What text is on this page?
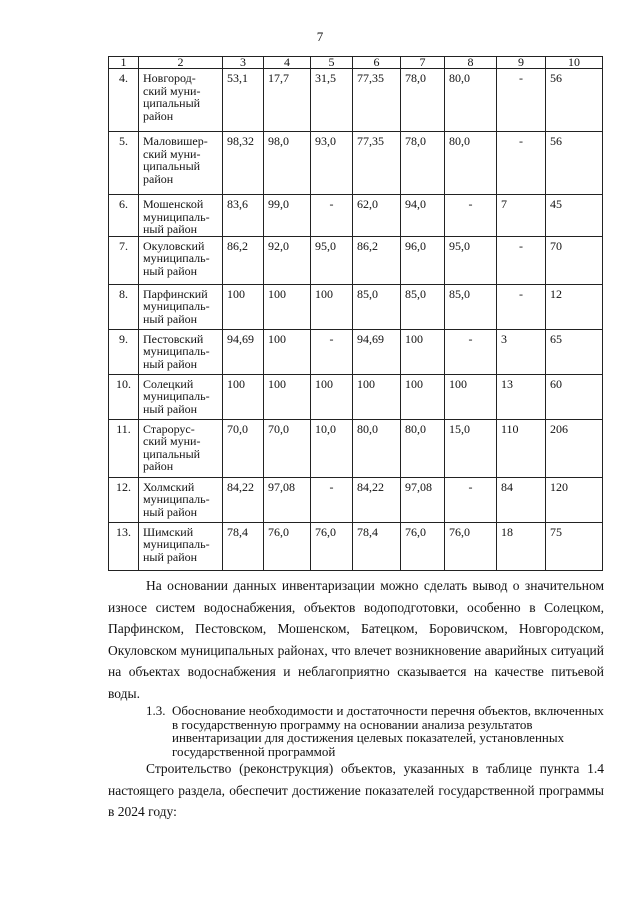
7
1	2	3	4	5	6	7	8	9	10
4.	Новгород-
ский муни-
ципальный
район	53,1	17,7	31,5	77,35	78,0	80,0	-	56
5.	Маловишер-
ский муни-
ципальный
район	98,32	98,0	93,0	77,35	78,0	80,0	-	56
6.	Мошенской
муниципаль-
ный район	83,6	99,0	-	62,0	94,0	-	7	45
7.	Окуловский
муниципаль-
ный район	86,2	92,0	95,0	86,2	96,0	95,0	-	70
8.	Парфинский
муниципаль-
ный район	100	100	100	85,0	85,0	85,0	-	12
9.	Пестовский
муниципаль-
ный район	94,69	100	-	94,69	100	-	3	65
10.	Солецкий
муниципаль-
ный район	100	100	100	100	100	100	13	60
11.	Старорус-
ский муни-
ципальный
район	70,0	70,0	10,0	80,0	80,0	15,0	110	206
12.	Холмский
муниципаль-
ный район	84,22	97,08	-	84,22	97,08	-	84	120
13.	Шимский
муниципаль-
ный район	78,4	76,0	76,0	78,4	76,0	76,0	18	75
На основании данных инвентаризации можно сделать вывод о значительном износе систем водоснабжения, объектов водоподготовки, особенно в Солецком, Парфинском, Пестовском, Мошенском, Батецком, Боровичском, Новгородском, Окуловском муниципальных районах, что влечет возникновение аварийных ситуаций на объектах водоснабжения и неблагоприятно сказывается на качестве питьевой воды.
1.3. Обоснование необходимости и достаточности перечня объектов, включенных в государственную программу на основании анализа результатов инвентаризации для достижения целевых показателей, установленных государственной программой
Строительство (реконструкция) объектов, указанных в таблице пункта 1.4 настоящего раздела, обеспечит достижение показателей государственной программы в 2024 году:
